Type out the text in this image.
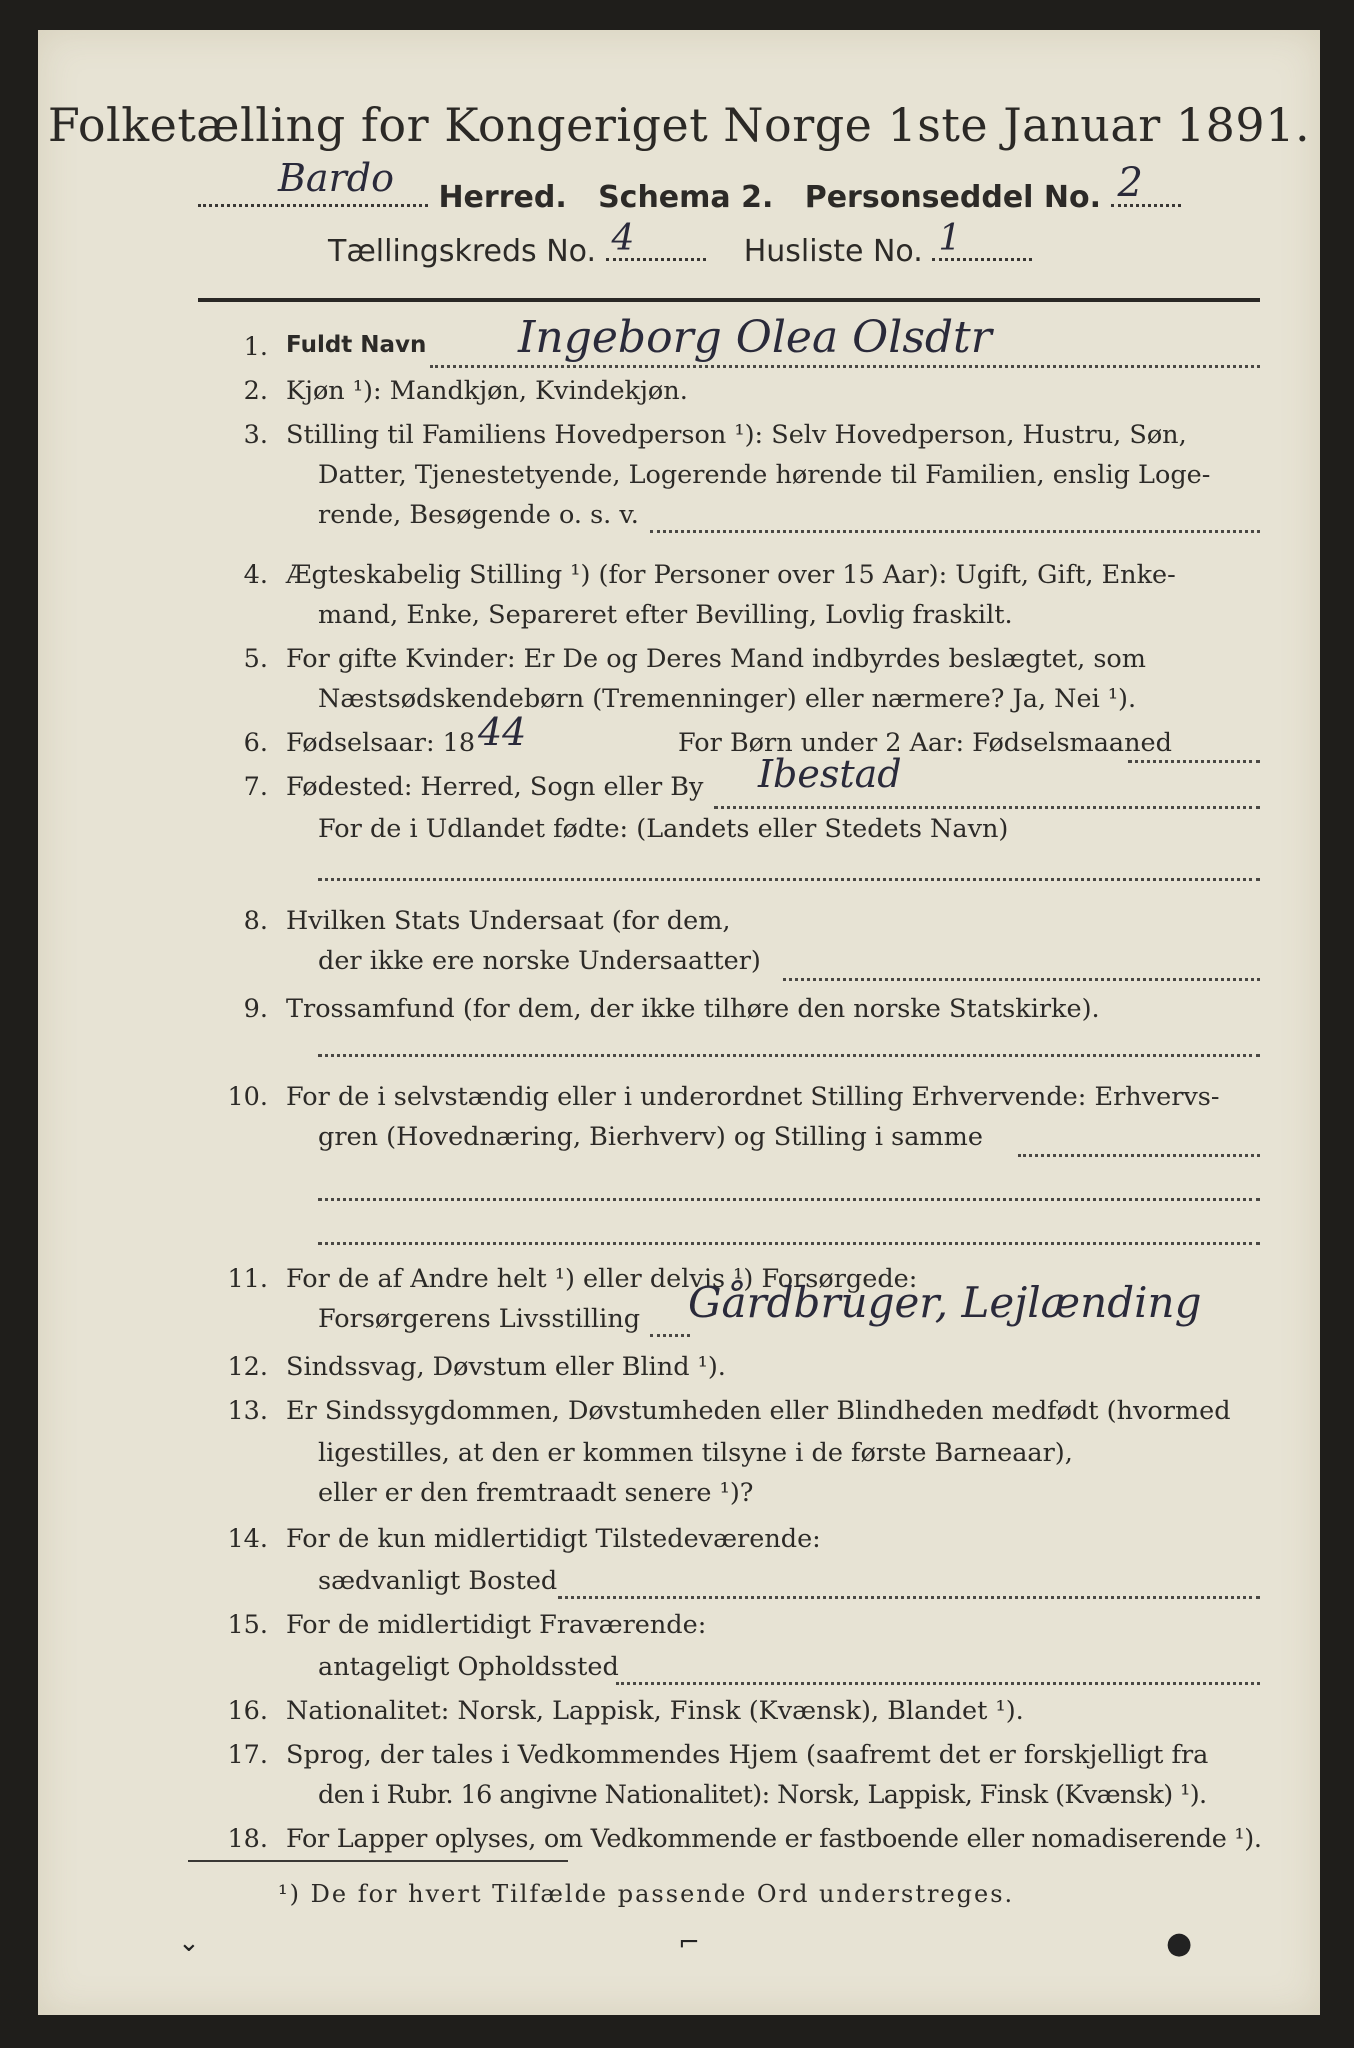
Folketælling for Kongeriget Norge 1ste Januar 1891.
Bardo Herred. Schema 2. Personseddel No. 2
Tællingskreds No. 4	Husliste No. 1
1. Fuldt Navn Ingeborg Olea Olsdtr
2. Kjøn ¹): Mandkjøn, Kvindekjøn.
3. Stilling til Familiens Hovedperson ¹): Selv Hovedperson, Hustru, Søn,
Datter, Tjenestetyende, Logerende hørende til Familien, enslig Loge-
rende, Besøgende o. s. v.
4. Ægteskabelig Stilling ¹) (for Personer over 15 Aar): Ugift, Gift, Enke-
mand, Enke, Separeret efter Bevilling, Lovlig fraskilt.
5. For gifte Kvinder: Er De og Deres Mand indbyrdes beslægtet, som
Næstsødskendebørn (Tremenninger) eller nærmere? Ja, Nei ¹).
6. Fødselsaar: 18	For Børn under 2 Aar: Fødselsmaaned
44
7. Fødested: Herred, Sogn eller By Ibestad
For de i Udlandet fødte: (Landets eller Stedets Navn)
8. Hvilken Stats Undersaat (for dem,
der ikke ere norske Undersaatter)
9. Trossamfund (for dem, der ikke tilhøre den norske Statskirke).
10. For de i selvstændig eller i underordnet Stilling Erhvervende: Erhvervs-
gren (Hovednæring, Bierhverv) og Stilling i samme
11. For de af Andre helt ¹) eller delvis ¹) Forsørgede:
Forsørgerens Livsstilling Gårdbruger, Lejlænding
12. Sindssvag, Døvstum eller Blind ¹).
13. Er Sindssygdommen, Døvstumheden eller Blindheden medfødt (hvormed
ligestilles, at den er kommen tilsyne i de første Barneaar),
eller er den fremtraadt senere ¹)?
14. For de kun midlertidigt Tilstedeværende:
sædvanligt Bosted
15. For de midlertidigt Fraværende:
antageligt Opholdssted
16. Nationalitet: Norsk, Lappisk, Finsk (Kvænsk), Blandet ¹).
17. Sprog, der tales i Vedkommendes Hjem (saafremt det er forskjelligt fra
den i Rubr. 16 angivne Nationalitet): Norsk, Lappisk, Finsk (Kvænsk) ¹).
18. For Lapper oplyses, om Vedkommende er fastboende eller nomadiserende ¹).
¹) De for hvert Tilfælde passende Ord understreges.
⌄	⌐	●
